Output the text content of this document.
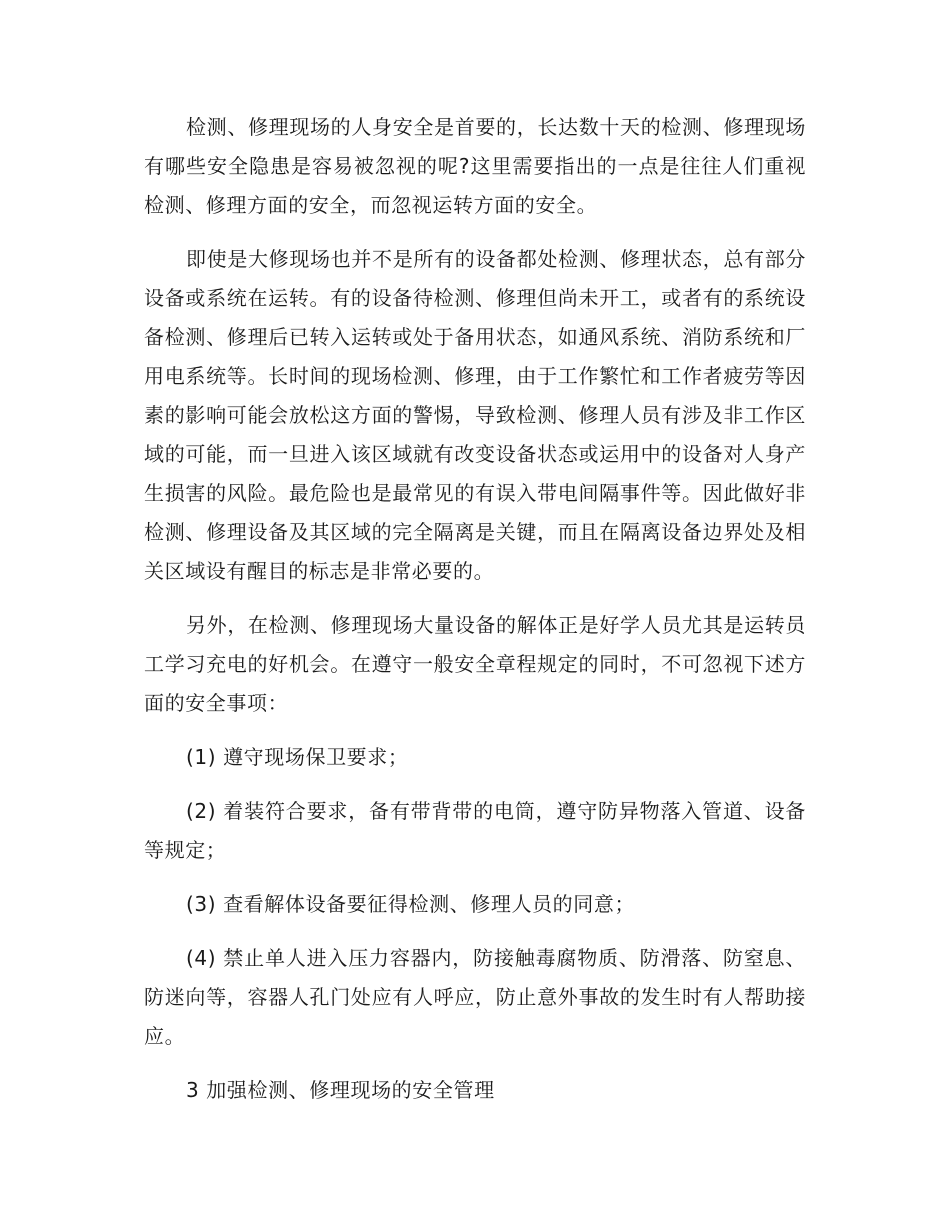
检测、修理现场的人身安全是首要的，长达数十天的检测、修理现场有哪些安全隐患是容易被忽视的呢?这里需要指出的一点是往往人们重视检测、修理方面的安全，而忽视运转方面的安全。

即使是大修现场也并不是所有的设备都处检测、修理状态，总有部分设备或系统在运转。有的设备待检测、修理但尚未开工，或者有的系统设备检测、修理后已转入运转或处于备用状态，如通风系统、消防系统和厂用电系统等。长时间的现场检测、修理，由于工作繁忙和工作者疲劳等因素的影响可能会放松这方面的警惕，导致检测、修理人员有涉及非工作区域的可能，而一旦进入该区域就有改变设备状态或运用中的设备对人身产生损害的风险。最危险也是最常见的有误入带电间隔事件等。因此做好非检测、修理设备及其区域的完全隔离是关键，而且在隔离设备边界处及相关区域设有醒目的标志是非常必要的。

另外，在检测、修理现场大量设备的解体正是好学人员尤其是运转员工学习充电的好机会。在遵守一般安全章程规定的同时，不可忽视下述方面的安全事项：

(1) 遵守现场保卫要求；

(2) 着装符合要求，备有带背带的电筒，遵守防异物落入管道、设备等规定；

(3) 查看解体设备要征得检测、修理人员的同意；

(4) 禁止单人进入压力容器内，防接触毒腐物质、防滑落、防窒息、防迷向等，容器人孔门处应有人呼应，防止意外事故的发生时有人帮助接应。

3 加强检测、修理现场的安全管理
